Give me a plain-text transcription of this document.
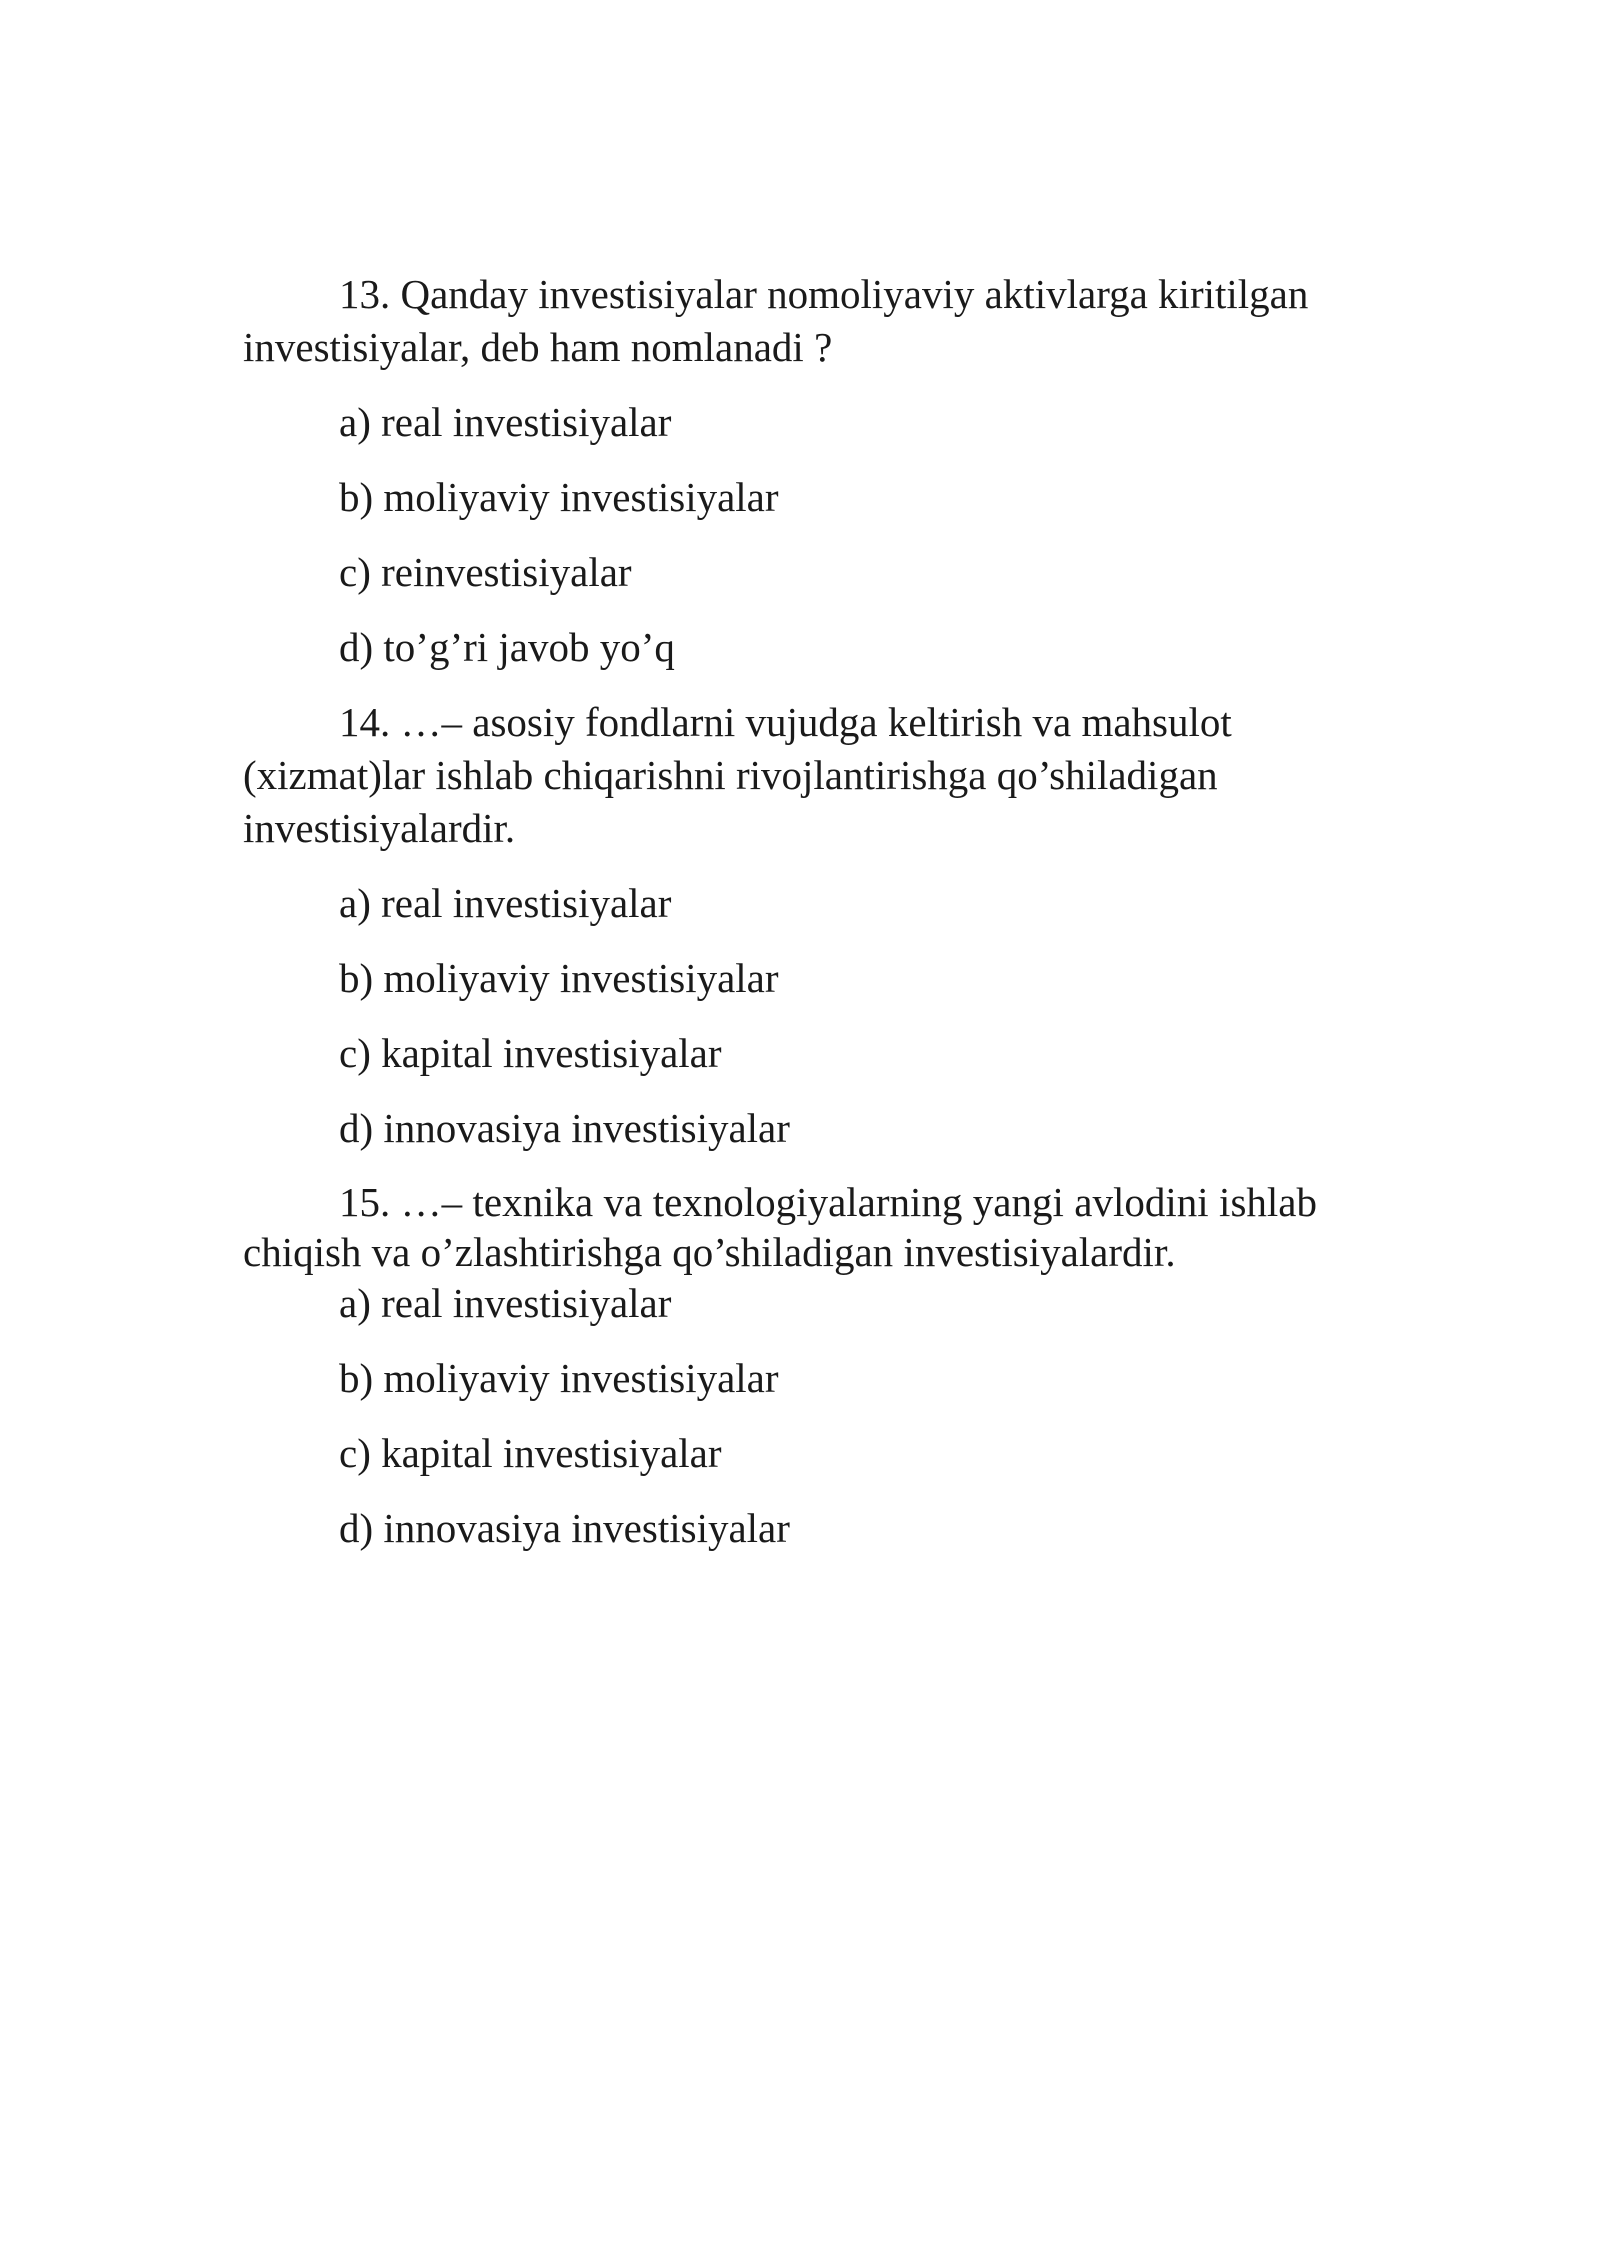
13. Qanday investisiyalar nomoliyaviy aktivlarga kiritilgan investisiyalar, deb ham nomlanadi ?

a) real investisiyalar

b) moliyaviy investisiyalar

c) reinvestisiyalar

d) to’g’ri javob yo’q

14. …– asosiy fondlarni vujudga keltirish va mahsulot (xizmat)lar ishlab chiqarishni rivojlantirishga qo’shiladigan investisiyalardir.

a) real investisiyalar

b) moliyaviy investisiyalar

c) kapital investisiyalar

d) innovasiya investisiyalar

15. …– texnika va texnologiyalarning yangi avlodini ishlab chiqish va o’zlashtirishga qo’shiladigan investisiyalardir.

a) real investisiyalar

b) moliyaviy investisiyalar

c) kapital investisiyalar

d) innovasiya investisiyalar
